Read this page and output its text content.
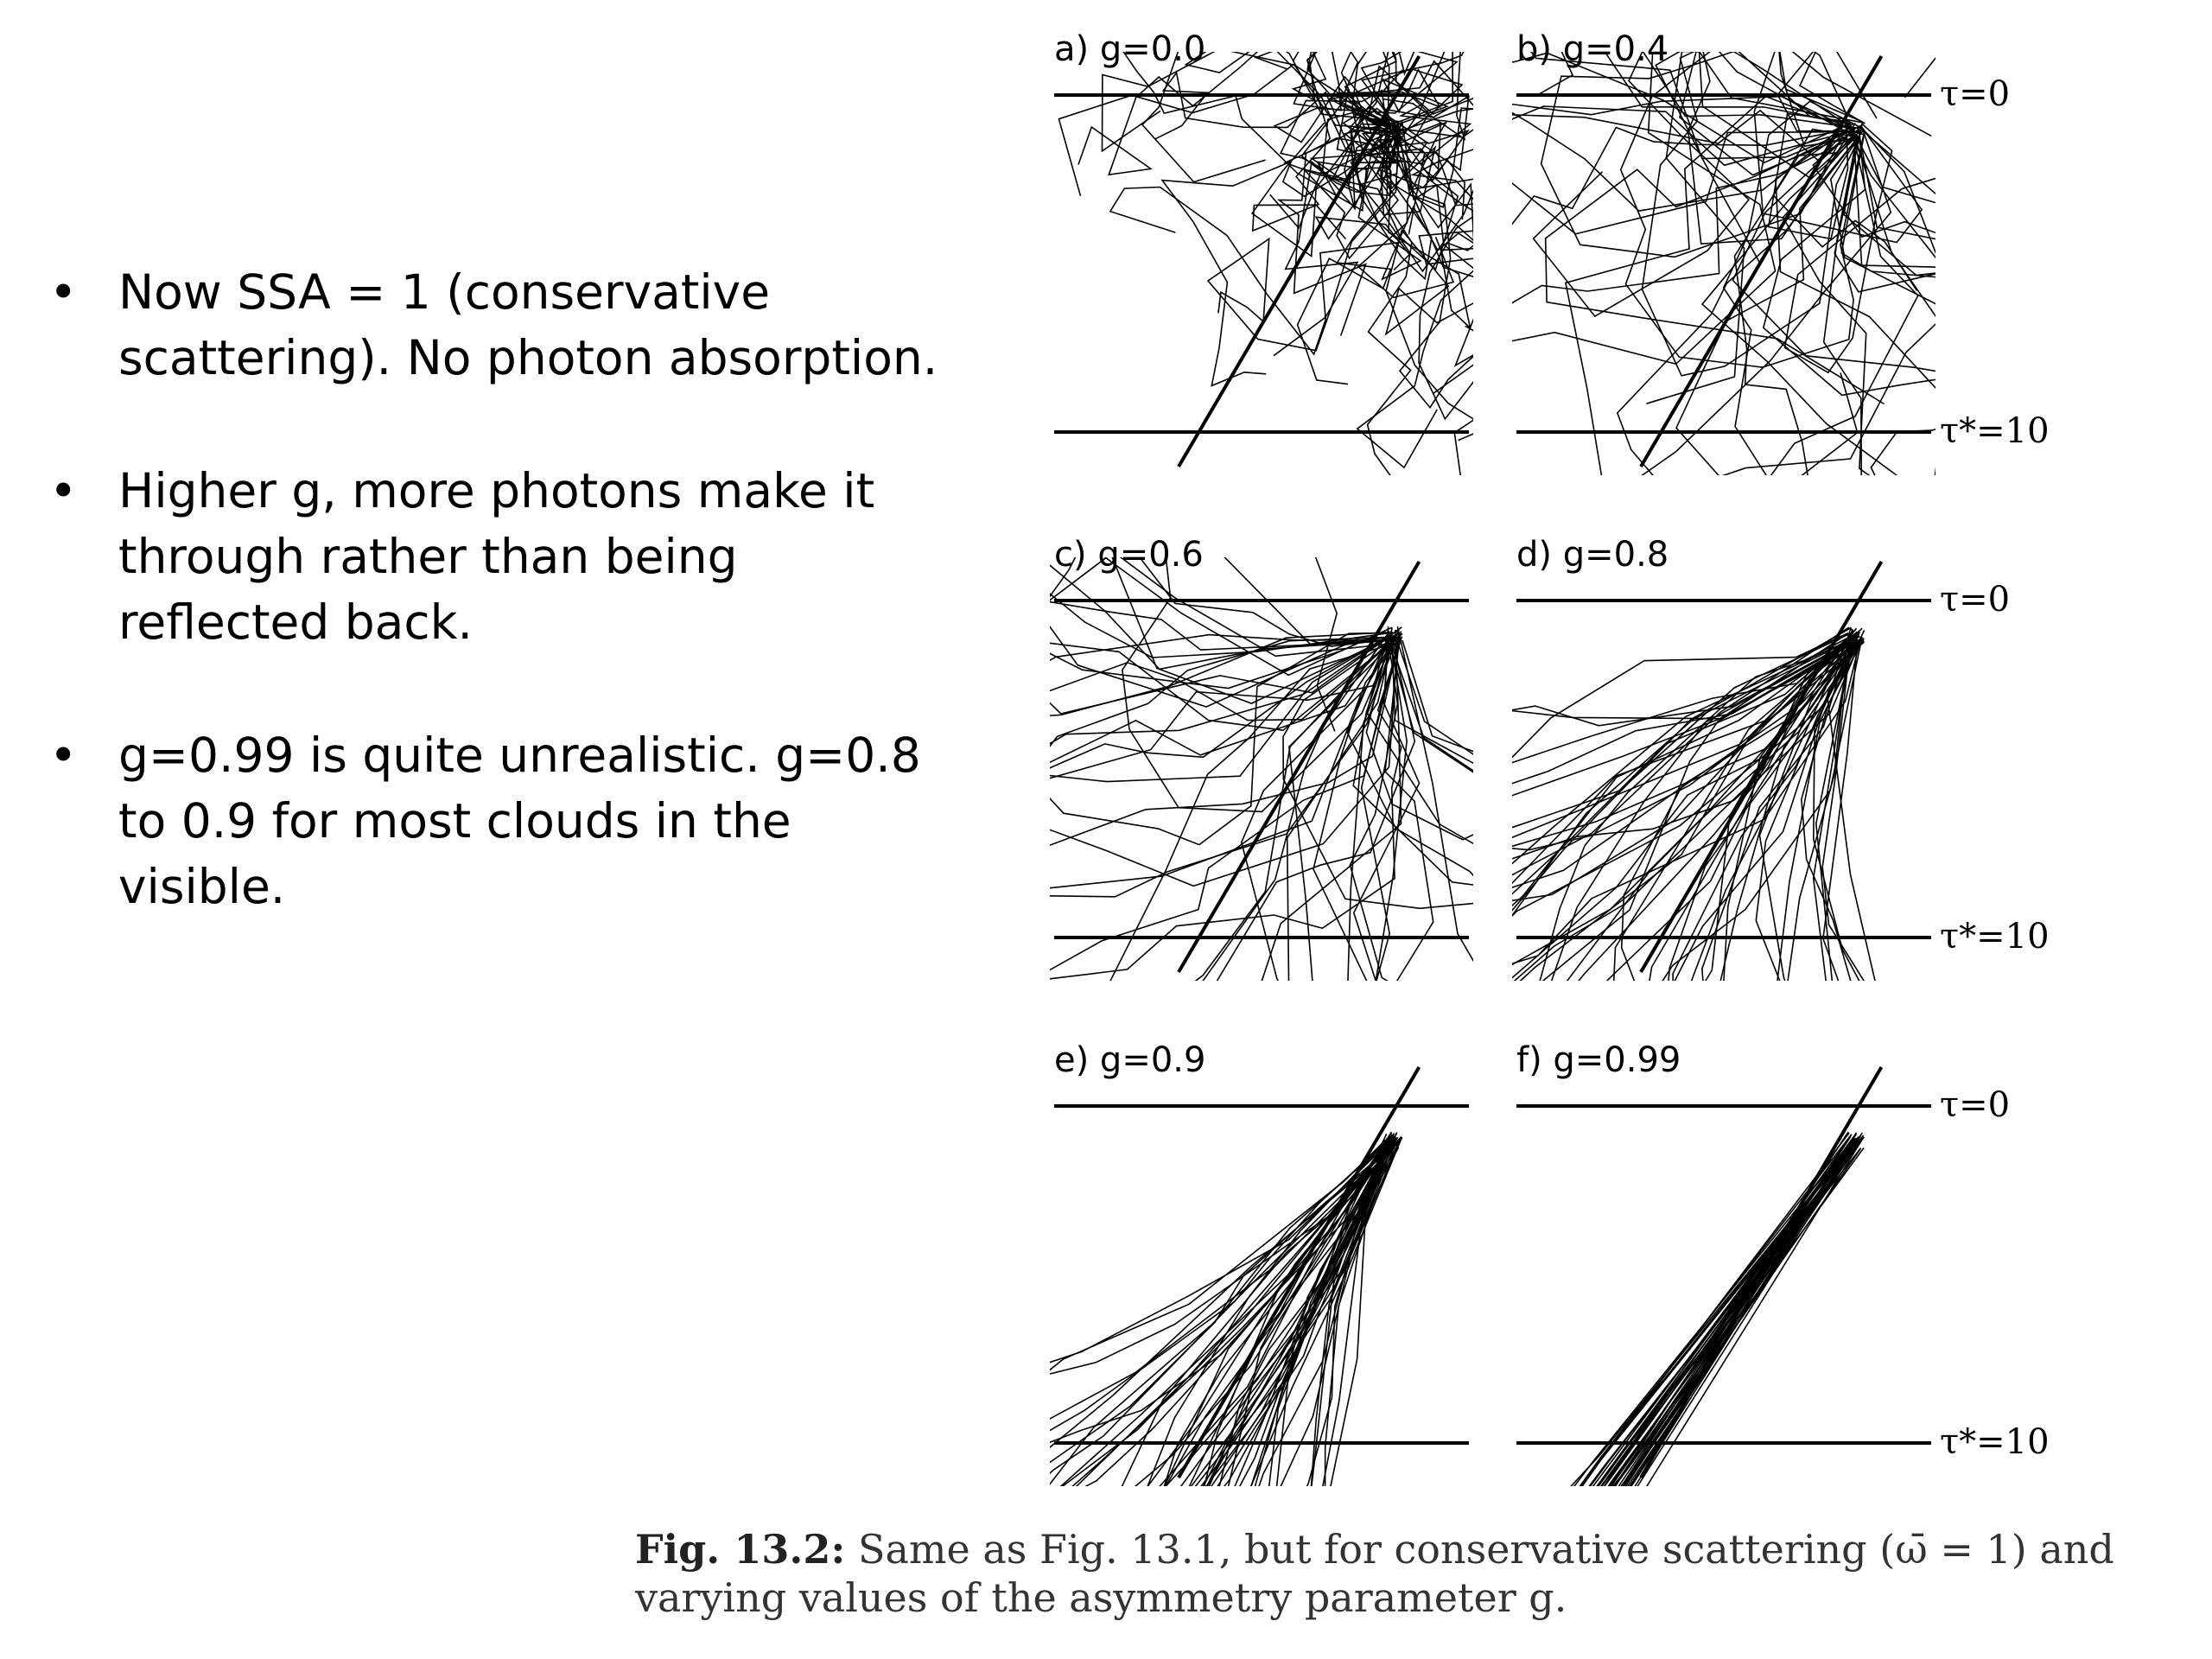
• Now SSA = 1 (conservative scattering). No photon absorption.
• Higher g, more photons make it through rather than being reflected back.
• g=0.99 is quite unrealistic. g=0.8 to 0.9 for most clouds in the visible.
a) g=0.0	b) g=0.4
τ=0
τ*=10
c) g=0.6	d) g=0.8
τ=0
τ*=10
e) g=0.9	f) g=0.99
τ=0
τ*=10
Fig. 13.2: Same as Fig. 13.1, but for conservative scattering (ω̄ = 1) and varying values of the asymmetry parameter g.
